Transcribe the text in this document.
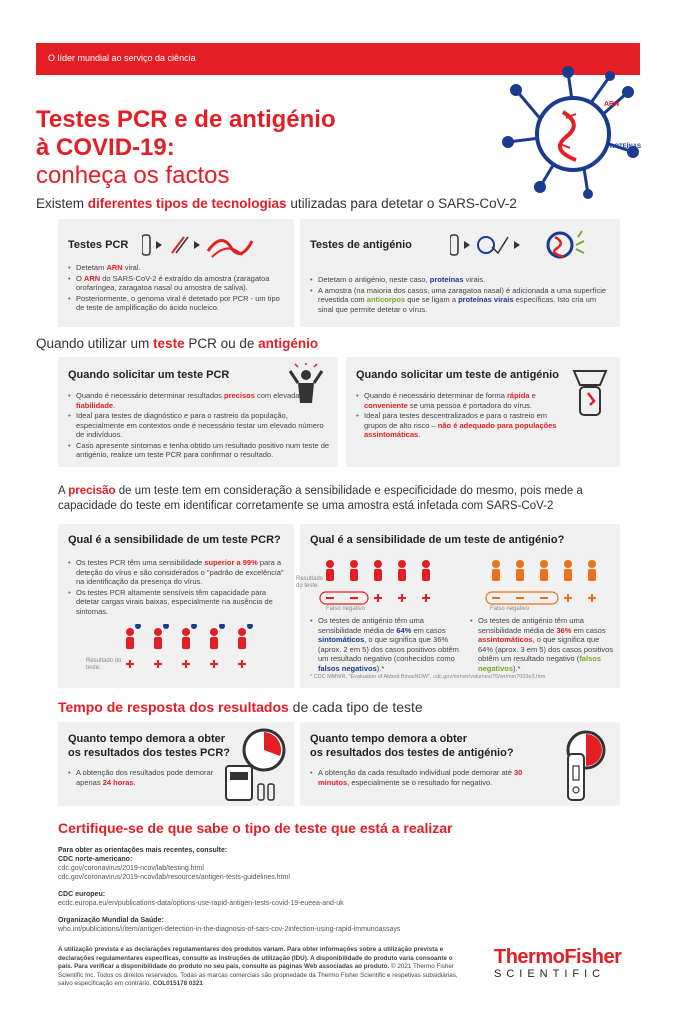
O líder mundial ao serviço da ciência
Testes PCR e de antigénio
à COVID-19:
conheça os factos
ARN
PROTEÍNAS
Existem diferentes tipos de tecnologias utilizadas para detetar o SARS-CoV-2
Testes PCR
• Detetam ARN viral.
• O ARN do SARS-CoV-2 é extraído da amostra (zaragatoa orofaríngea, zaragatoa nasal ou amostra de saliva).
• Posteriormente, o genoma viral é detetado por PCR - um tipo de teste de amplificação do ácido nucleico.
Testes de antigénio
• Detetam o antigénio, neste caso, proteínas virais.
• A amostra (na maioria dos casos, uma zaragatoa nasal) é adicionada a uma superfície revestida com anticorpos que se ligam a proteínas virais específicas. Isto cria um sinal que permite detetar o vírus.
Quando utilizar um teste PCR ou de antigénio
Quando solicitar um teste PCR
• Quando é necessário determinar resultados precisos com elevada fiabilidade.
• Ideal para testes de diagnóstico e para o rastreio da população, especialmente em contextos onde é necessário testar um elevado número de indivíduos.
• Caso apresente sintomas e tenha obtido um resultado positivo num teste de antigénio, realize um teste PCR para confirmar o resultado.
Quando solicitar um teste de antigénio
• Quando é necessário determinar de forma rápida e conveniente se uma pessoa é portadora do vírus.
• Ideal para testes descentralizados e para o rastreio em grupos de alto risco – não é adequado para populações assintomáticas.
A precisão de um teste tem em consideração a sensibilidade e especificidade do mesmo, pois mede a capacidade do teste em identificar corretamente se uma amostra está infetada com SARS-CoV-2
Qual é a sensibilidade de um teste PCR?
• Os testes PCR têm uma sensibilidade superior a 99% para a deteção do vírus e são considerados o "padrão de excelência" na identificação da presença do vírus.
• Os testes PCR altamente sensíveis têm capacidade para detetar cargas virais baixas, especialmente na ausência de sintomas.
Resultado do teste:
Qual é a sensibilidade de um teste de antigénio?
Resultado do teste:
Falso negativo	Falso negativo
• Os testes de antigénio têm uma sensibilidade média de 64% em casos sintomáticos, o que significa que 36% (aprox. 2 em 5) dos casos positivos obtêm um resultado negativo (conhecidos como falsos negativos).*
• Os testes de antigénio têm uma sensibilidade média de 36% em casos assintomáticos, o que significa que 64% (aprox. 3 em 5) dos casos positivos obtêm um resultado negativo (falsos negativos).*
* CDC MMWR, "Evaluation of Abbott BinaxNOW", cdc.gov/mmwr/volumes/70/wr/mm7003e3.htm
Tempo de resposta dos resultados de cada tipo de teste
Quanto tempo demora a obter
os resultados dos testes PCR?
• A obtenção dos resultados pode demorar apenas 24 horas.
Quanto tempo demora a obter
os resultados dos testes de antigénio?
• A obtenção da cada resultado individual pode demorar até 30 minutos, especialmente se o resultado for negativo.
Certifique-se de que sabe o tipo de teste que está a realizar
Para obter as orientações mais recentes, consulte:
CDC norte-americano:
cdc.gov/coronavirus/2019-ncov/lab/testing.html
cdc.gov/coronavirus/2019-ncov/lab/resources/antigen-tests-guidelines.html
CDC europeu:
ecdc.europa.eu/en/publications-data/options-use-rapid-antigen-tests-covid-19-eueea-and-uk
Organização Mundial da Saúde:
who.int/publications/i/item/antigen-detection-in-the-diagnosis-of-sars-cov-2infection-using-rapid-immunoassays
A utilização prevista e as declarações regulamentares dos produtos variam. Para obter informações sobre a utilização prevista e declarações regulamentares específicas, consulte as instruções de utilização (IDU). A disponibilidade do produto varia consoante o país. Para verificar a disponibilidade do produto no seu país, consulte as páginas Web associadas ao produto. © 2021 Thermo Fisher Scientific Inc. Todos os direitos reservados. Todas as marcas comerciais são propriedade da Thermo Fisher Scientific e respetivas subsidiárias, salvo especificação em contrário. COL015178 0321
ThermoFisher
SCIENTIFIC
